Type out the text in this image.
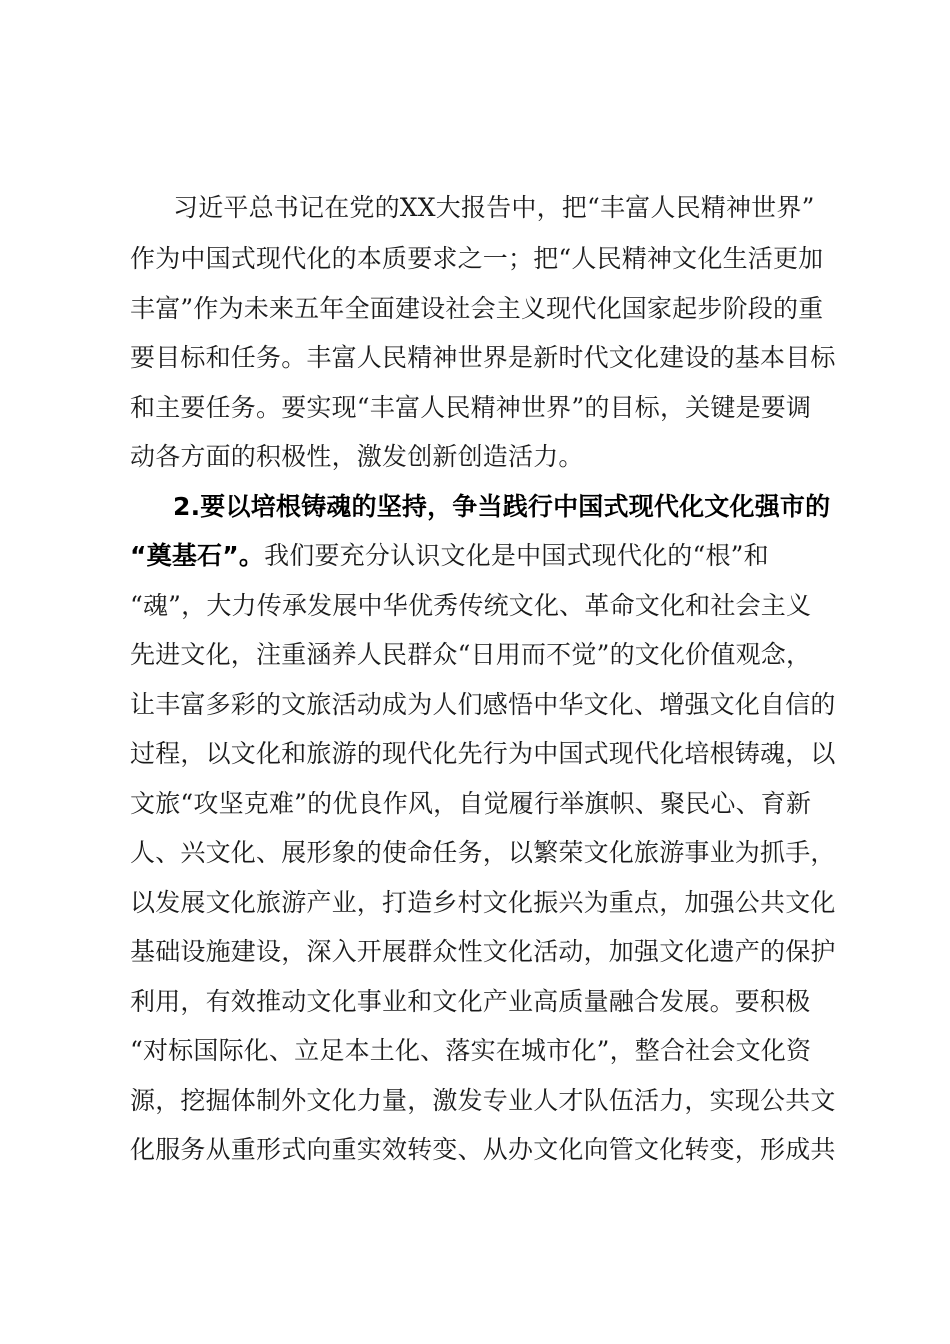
习近平总书记在党的XX大报告中，把“丰富人民精神世界”
作为中国式现代化的本质要求之一；把“人民精神文化生活更加
丰富”作为未来五年全面建设社会主义现代化国家起步阶段的重
要目标和任务。丰富人民精神世界是新时代文化建设的基本目标
和主要任务。要实现“丰富人民精神世界”的目标，关键是要调
动各方面的积极性，激发创新创造活力。
2.要以培根铸魂的坚持，争当践行中国式现代化文化强市的
“奠基石”。我们要充分认识文化是中国式现代化的“根”和
“魂”，大力传承发展中华优秀传统文化、革命文化和社会主义
先进文化，注重涵养人民群众“日用而不觉”的文化价值观念，
让丰富多彩的文旅活动成为人们感悟中华文化、增强文化自信的
过程，以文化和旅游的现代化先行为中国式现代化培根铸魂，以
文旅“攻坚克难”的优良作风，自觉履行举旗帜、聚民心、育新
人、兴文化、展形象的使命任务，以繁荣文化旅游事业为抓手，
以发展文化旅游产业，打造乡村文化振兴为重点，加强公共文化
基础设施建设，深入开展群众性文化活动，加强文化遗产的保护
利用，有效推动文化事业和文化产业高质量融合发展。要积极
“对标国际化、立足本土化、落实在城市化”，整合社会文化资
源，挖掘体制外文化力量，激发专业人才队伍活力，实现公共文
化服务从重形式向重实效转变、从办文化向管文化转变，形成共
